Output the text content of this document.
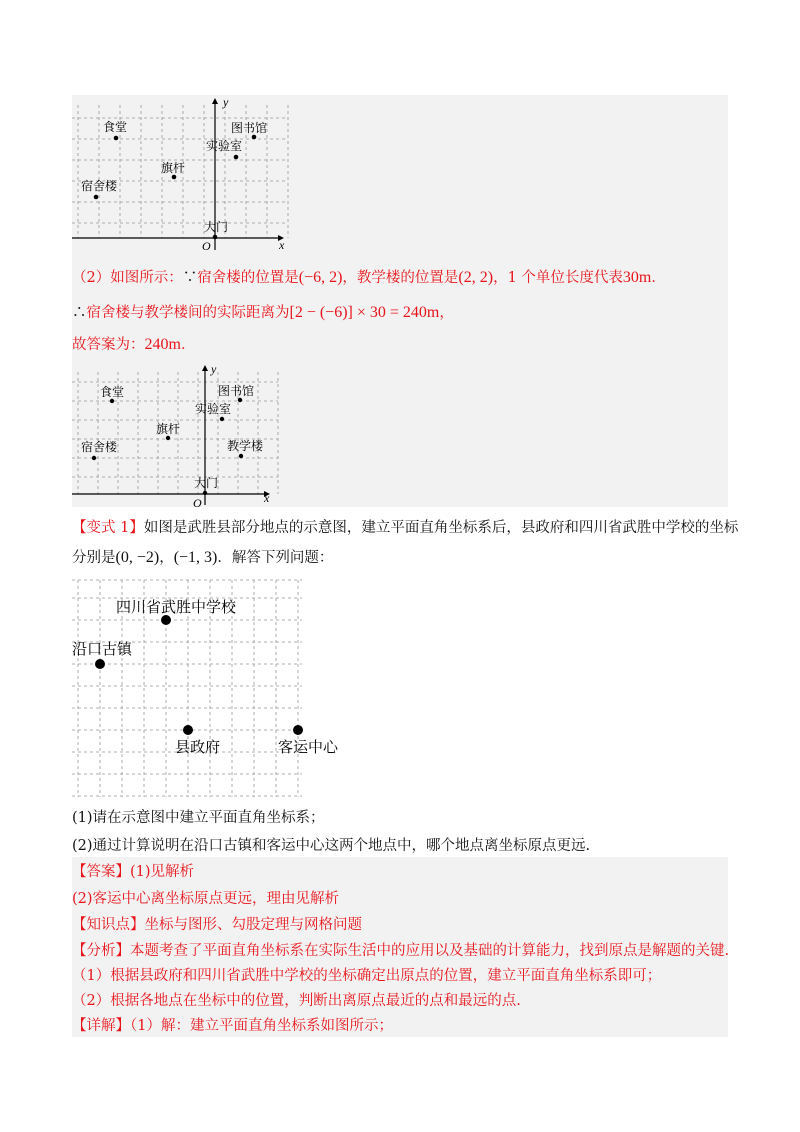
x
y
O
食堂	图书馆
实验室
旗杆
宿舍楼
大门
（2）如图所示：∵宿舍楼的位置是(−6, 2)，教学楼的位置是(2, 2)，1 个单位长度代表30m．
∴宿舍楼与教学楼间的实际距离为[2 − (−6)] × 30 = 240m，
故答案为：240m．
x
y
O
食堂	图书馆
实验室
旗杆
宿舍楼	教学楼
大门
【变式 1】如图是武胜县部分地点的示意图，建立平面直角坐标系后，县政府和四川省武胜中学校的坐标
分别是(0, −2)，(−1, 3)．解答下列问题：
四川省武胜中学校
沿口古镇
县政府	客运中心
(1)请在示意图中建立平面直角坐标系；
(2)通过计算说明在沿口古镇和客运中心这两个地点中，哪个地点离坐标原点更远.
【答案】(1)见解析
(2)客运中心离坐标原点更远，理由见解析
【知识点】坐标与图形、勾股定理与网格问题
【分析】本题考查了平面直角坐标系在实际生活中的应用以及基础的计算能力，找到原点是解题的关键.
（1）根据县政府和四川省武胜中学校的坐标确定出原点的位置，建立平面直角坐标系即可；
（2）根据各地点在坐标中的位置，判断出离原点最近的点和最远的点.
【详解】（1）解：建立平面直角坐标系如图所示；
